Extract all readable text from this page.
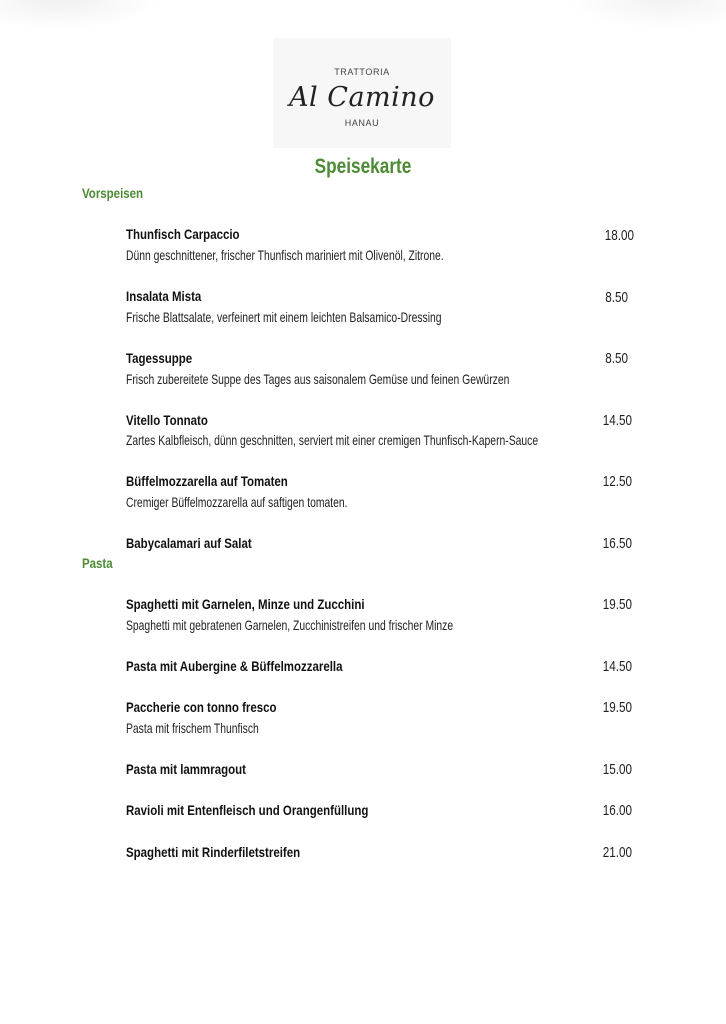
TRATTORIA
Al Camino
HANAU
Speisekarte
Vorspeisen
Thunfisch Carpaccio	18.00
Dünn geschnittener, frischer Thunfisch mariniert mit Olivenöl, Zitrone.
Insalata Mista	8.50
Frische Blattsalate, verfeinert mit einem leichten Balsamico-Dressing
Tagessuppe	8.50
Frisch zubereitete Suppe des Tages aus saisonalem Gemüse und feinen Gewürzen
Vitello Tonnato	14.50
Zartes Kalbfleisch, dünn geschnitten, serviert mit einer cremigen Thunfisch-Kapern-Sauce
Büffelmozzarella auf Tomaten	12.50
Cremiger Büffelmozzarella auf saftigen tomaten.
Babycalamari auf Salat	16.50
Pasta
Spaghetti mit Garnelen, Minze und Zucchini	19.50
Spaghetti mit gebratenen Garnelen, Zucchinistreifen und frischer Minze
Pasta mit Aubergine & Büffelmozzarella	14.50
Paccherie con tonno fresco	19.50
Pasta mit frischem Thunfisch
Pasta mit lammragout	15.00
Ravioli mit Entenfleisch und Orangenfüllung	16.00
Spaghetti mit Rinderfiletstreifen	21.00
